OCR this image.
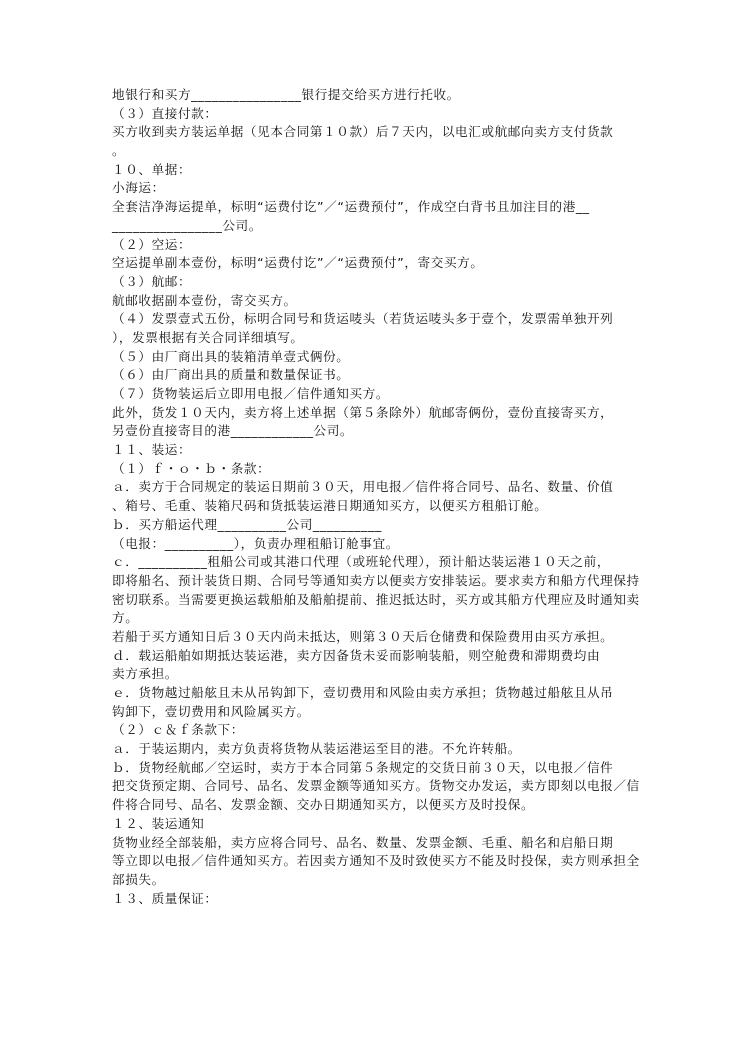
地银行和买方________________银行提交给买方进行托收。
（３）直接付款：
买方收到卖方装运单据（见本合同第１０款）后７天内，以电汇或航邮向卖方支付货款
。
１０、单据：
小海运：
全套洁净海运提单，标明“运费付讫”／“运费预付”，作成空白背书且加注目的港__
________________公司。
（２）空运：
空运提单副本壹份，标明“运费付讫”／“运费预付”，寄交买方。
（３）航邮：
航邮收据副本壹份，寄交买方。
（４）发票壹式五份，标明合同号和货运唛头（若货运唛头多于壹个，发票需单独开列
），发票根据有关合同详细填写。
（５）由厂商出具的装箱清单壹式俩份。
（６）由厂商出具的质量和数量保证书。
（７）货物装运后立即用电报／信件通知买方。
此外，货发１０天内，卖方将上述单据（第５条除外）航邮寄俩份，壹份直接寄买方，
另壹份直接寄目的港____________公司。
１１、装运：
（１）ｆ・ｏ・ｂ・条款：
ａ．卖方于合同规定的装运日期前３０天，用电报／信件将合同号、品名、数量、价值
、箱号、毛重、装箱尺码和货抵装运港日期通知买方，以便买方租船订舱。
ｂ．买方船运代理__________公司__________
（电报：__________），负责办理租船订舱事宜。
ｃ．__________租船公司或其港口代理（或班轮代理），预计船达装运港１０天之前，
即将船名、预计装货日期、合同号等通知卖方以便卖方安排装运。要求卖方和船方代理保持
密切联系。当需要更换运载船舶及船舶提前、推迟抵达时，买方或其船方代理应及时通知卖
方。
若船于买方通知日后３０天内尚未抵达，则第３０天后仓储费和保险费用由买方承担。
ｄ．载运船舶如期抵达装运港，卖方因备货未妥而影响装船，则空舱费和滞期费均由
卖方承担。
ｅ．货物越过船舷且未从吊钩卸下，壹切费用和风险由卖方承担；货物越过船舷且从吊
钩卸下，壹切费用和风险属买方。
（２）ｃ＆ｆ条款下：
ａ．于装运期内，卖方负责将货物从装运港运至目的港。不允许转船。
ｂ．货物经航邮／空运时，卖方于本合同第５条规定的交货日前３０天，以电报／信件
把交货预定期、合同号、品名、发票金额等通知买方。货物交办发运，卖方即刻以电报／信
件将合同号、品名、发票金额、交办日期通知买方，以便买方及时投保。
１２、装运通知
货物业经全部装船，卖方应将合同号、品名、数量、发票金额、毛重、船名和启船日期
等立即以电报／信件通知买方。若因卖方通知不及时致使买方不能及时投保，卖方则承担全
部损失。
１３、质量保证：
